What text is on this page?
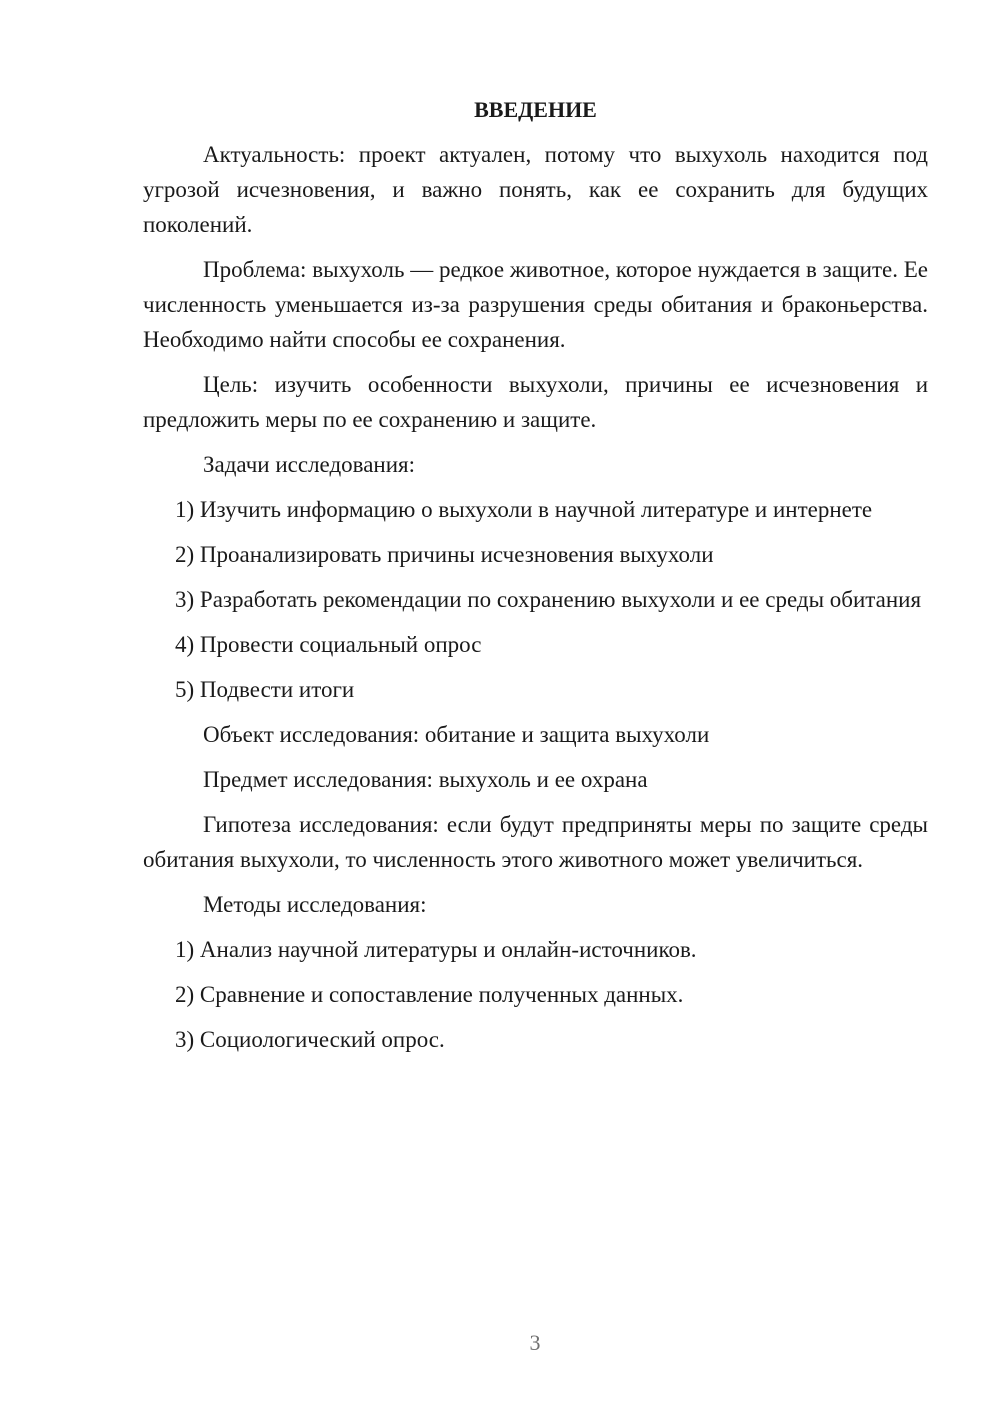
ВВЕДЕНИЕ

Актуальность: проект актуален, потому что выхухоль находится под угрозой исчезновения, и важно понять, как ее сохранить для будущих поколений.

Проблема: выхухоль — редкое животное, которое нуждается в защите. Ее численность уменьшается из-за разрушения среды обитания и браконьерства. Необходимо найти способы ее сохранения.

Цель: изучить особенности выхухоли, причины ее исчезновения и предложить меры по ее сохранению и защите.

Задачи исследования:

1) Изучить информацию о выхухоли в научной литературе и интернете

2) Проанализировать причины исчезновения выхухоли

3) Разработать рекомендации по сохранению выхухоли и ее среды обитания

4) Провести социальный опрос

5) Подвести итоги

Объект исследования: обитание и защита выхухоли

Предмет исследования: выхухоль и ее охрана

Гипотеза исследования: если будут предприняты меры по защите среды обитания выхухоли, то численность этого животного может увеличиться.

Методы исследования:

1) Анализ научной литературы и онлайн-источников.

2) Сравнение и сопоставление полученных данных.

3) Социологический опрос.

3
